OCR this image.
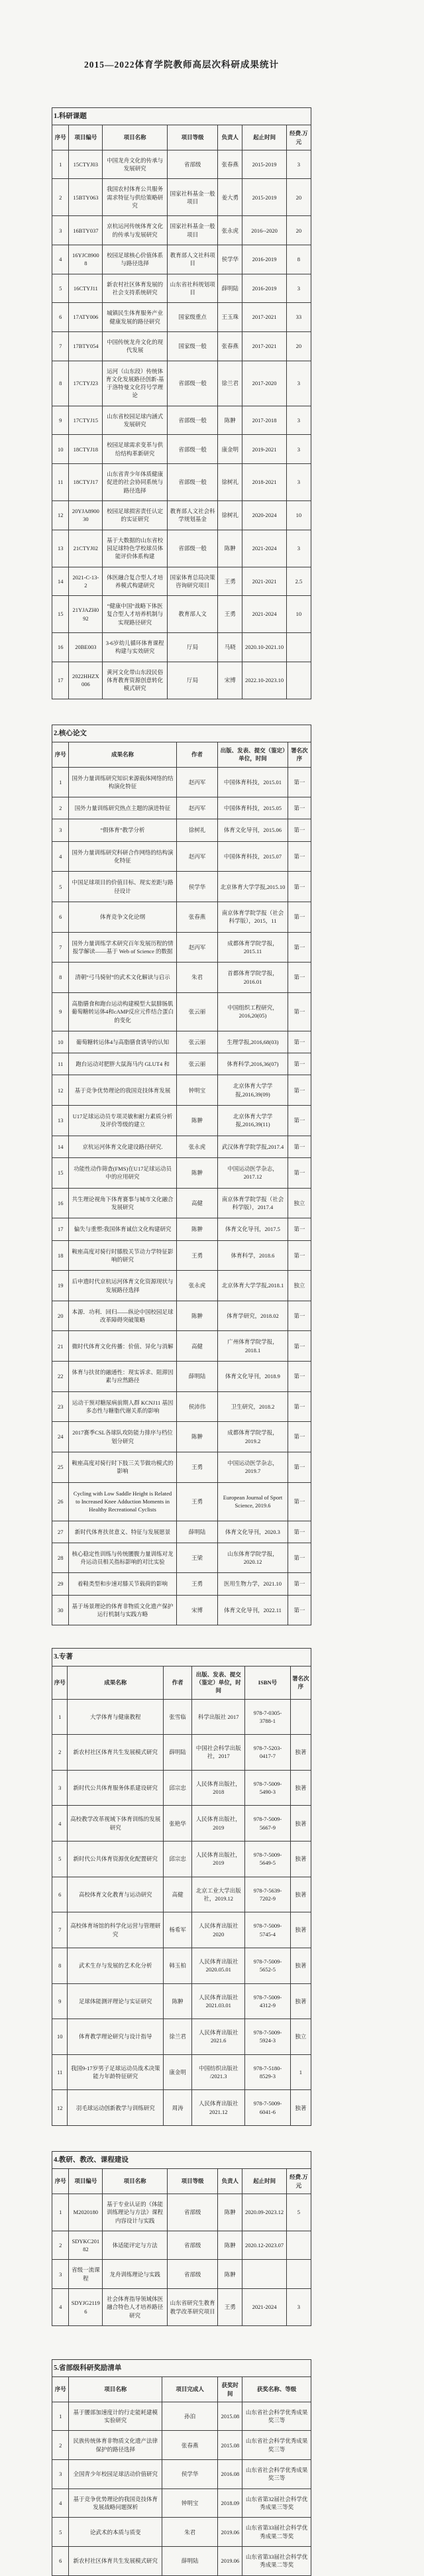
2015—2022体育学院教师高层次科研成果统计
1.科研课题						
序号	项目编号	项目名称	项目等级	负责人	起止时间	经费.万元
1	15CTYJ03	中国龙舟文化的传承与发展研究	省部级	张春燕	2015-2019	3
2	15BTY063	我国农村体育公共服务需求特征与供给策略研究	国家社科基金一般项目	姜大勇	2015-2019	20
3	16BTY037	京杭运河传统体育文化的传承与发展研究	国家社科基金一般项目	张永虎	2016--2020	20
4	16YJC89008	校园足球核心价值体系与路径选择	教育部人文社科项目	侯学华	2016-2019	8
5	16CTYJ11	新农村社区体育发展的社会支持系统研究	山东省社科规划项目	薛明陆	2016-2019	3
6	17ATY006	城镇民生体育服务产业健康发展的路径研究	国家级重点	王玉珠	2017-2021	33
7	17BTY054	中国传统龙舟文化的现代发展	国家级一般	张春燕	2017-2021	20
8	17CTYJ23	运河（山东段）传统体育文化发展路径创新-基于洛特曼文化符号学理论	省部级一般	徐兰君	2017-2020	3
9	17CTYJ15	山东省校园足球内涵式发展研究	省部级一般	陈翀	2017-2018	3
10	18CTYJ18	校园足球需求变革与供给结构革新研究	省部级一般	康金明	2019-2021	3
11	18CTYJ17	山东省青少年体质健康促进的社会协同系统与路径选择	省部级一般	徐树礼	2018-2021	3
12	20YJA890030	校园足球损害责任认定的实证研究	教育部人文社会科学规划基金	徐树礼	2020-2024	10
13	21CTYJ02	基于大数据的山东省校园足球特色学校球员体能评价体系构建	省部级一般	陈翀	2021-2024	3
14	2021-C-13-2	体医融合复合型人才培养模式构建研究	国家体育总局决策咨询研究项目	王勇	2021-2021	2.5
15	21YJAZH092	“健康中国”战略下体医复合型人才培养机制与实现路径研究	教育部人文	王勇	2021-2024	10
16	20BE003	3-6岁幼儿循环体育课程构建与实效研究	厅局	马晓	2020.10-2021.10	
17	2022HHZX006	黄河文化带山东段民俗体育教育资源创意转化模式研究	厅局	宋博	2022.10-2023.10	
2.核心论文				
序号	成果名称	作者	出版、发表、提交（鉴定）单位，时间	署名次序
1	国外力量训练研究知识来源载体网络的结构演化特征	赵丙军	中国体育科技，2015.01	第一
2	国外力量训练研究热点主题的演进特征	赵丙军	中国体育科技，2015.05	第一
3	“假体育”教学分析	徐树礼	体育文化导刊，2015.06	第一
4	国外力量训练研究科研合作网络的结构演化特征	赵丙军	中国体育科技，2015.07	第一
5	中国足球项目的价值目标、现实差距与路径设计	侯学华	北京体育大学学报,2015.10	第一
6	体育竞争文化论纲	张春燕	南京体育学院学报（社会科学版），2015，11	第一
7	国外力量训练学术研究百年发展历程的情报学解读——基于 Web of Science 的数据	赵丙军	成都体育学院学报，2015.11	第一
8	清朝“弓马骑射”的武术文化解读与启示	朱君	首都体育学院学报，2016.01	第一
9	高脂膳食和跑台运动构建模型大鼠腓肠肌葡萄糖转运体4和cAMP反应元件结合蛋白的变化	张云丽	中国组织工程研究，2016,20(05)	第一
10	葡萄糖转运体4与高脂膳食诱导的认知	张云丽	生理学报,2016,68(03)	第一
11	跑台运动对肥胖大鼠海马内 GLUT4 和	张云丽	体育科学,2016,36(07)	第一
12	基于竞争优势理论的我国竞技体育发展	钟明宝	北京体育大学学报,2016,39(09)	第一
13	U17足球运动员专项灵敏和耐力素质分析及评价等级的建立	陈翀	北京体育大学学报,2016,39(11)	第一
14	京杭运河体育文化建设路径研究.	张永虎	武汉体育学院学报,2017.4	第一
15	功能性动作筛查(FMS)在U17足球运动员中的应用研究	陈翀	中国运动医学杂志，2017.12	第一
16	共生理论视角下体育赛事与城市文化融合发展研究	高健	南京体育学院学报（社会科学版），2017.4	独立
17	偏失与重塑:我国体育诚信文化构建研究	陈翀	体育文化导刊，2017.5	第一
18	鞍座高度对骑行时膝股关节动力学特征影响的研究	王勇	体育科学，2018.6	第一
19	后申遗时代京杭运河体育文化资源现状与发展路径选择	张永虎	北京体育大学学报,2018.1	独立
20	本源．功利．回归——纵论中国校园足球改革障碍突破策略	陈翀	体育学研究，2018.02	第一
21	微时代体育文化传播：价值、异化与消解	高健	广州体育学院学报，2018.1	第一
22	体育与扶贫的融通性：现实诉求、阻滞因素与应然路径	薛明陆	体育文化导刊，2018.9	第一
23	运动干预对糖尿病前期人群 KCNJ11 基因多态性与糖脂代谢关系的影响	侯沛伟	卫生研究，2018.2	第一
24	2017赛季CSL各球队攻防能力排序与档位划分研究	陈翀	成都体育学院学报，2019.2	第一
25	鞍座高度对骑行时下肢三关节做功模式的影响	王勇	中国运动医学杂志，2019.7	第一
26	Cycling with Low Saddle Height is Related to Increased Knee Adduction Moments in Healthy Recreational Cyclists	王勇	European Journal of Sport Science, 2019.6	第一
27	新时代体育扶贫意义、特征与发展愿景	薛明陆	体育文化导刊，2020.3	第一
28	核心稳定性训练与传统腰腹力量训练对龙舟运动员相关指标影响的对比实验	王梁	山东体育学院学报，2020.12	第一
29	着鞋类型和步速对膝关节载荷的影响	王勇	医用生物力学，2021.10	第一
30	基于场景理论的体育非物质文化遗产保护运行机制与实践方略	宋博	体育文化导刊，2022.11	第一
3.专著					
序号	成果名称	作者	出版、发表、提交（鉴定）单位，时间	ISBN号	署名次序
1	大学体育与健康教程	张雪临	科学出版社 2017	978-7-0305-3788-1	
2	新农村社区体育共生发展模式研究	薛明陆	中国社会科学出版社，2017	978-7-5203-0417-7	独著
3	新时代公共体育服务体系建设研究	邱宗忠	人民体育出版社，2018	978-7-5009-5490-3	独著
4	高校教学改革视域下体育训练的发展研究	张艳华	人民体育出版社，2019	978-7-5009-5667-9	独著
5	新时代公共体育资源优化配置研究	邱宗忠	人民体育出版社，2019	978-7-5009-5649-5	独著
6	高校体育文化教育与运动研究	高健	北京工业大学出版社，2019.12	978-7-5639-7202-9	独著
7	高校体育场馆的科学化运营与管理研究	杨希军	人民体育出版社 2020	978-7-5009-5745-4	独著
8	武术生存与发展的艺术化分析	韩玉柏	人民体育出版社 2020.05.01	978-7-5009-5652-5	独著
9	足球体能测评理论与实证研究	陈翀	人民体育出版社 2021.03.01	978-7-5009-4312-9	独著
10	体育教学理论研究与设计指导	徐兰君	人民体育出版社 2021.6	978-7-5009-5924-3	独立
11	我国9-17岁男子足球运动员战术决策能力年龄特征研究	康金明	中国纺织出版社 /2021.3	978-7-5180-8529-3	1
12	羽毛球运动创新教学与训练研究	周涛	人民体育出版社 2021.12	978-7-5009-6041-6	独著
4.教研、教改、课程建设						
序号	项目编号	项目名称	项目等级	负责人	起止时间	经费.万元
1	M2020180	基于专业认证的《体能训练理论与方法》课程内容设计与实践	省部级	陈翀	2020.09-2023.12	5
2	SDYKC20182	体适能评定与方法	省部级	陈翀	2020.12-2023.07	
3	省级一流课程	龙舟训练理论与实践	省部级	陈翀		
4	SDYJG21196	社会体育指导领域体医融合特色人才培养路径研究	山东省研究生教育教学改革研究项目	王勇	2021-2024	3
5.省部级科研奖励清单				
序号	项目名称	项目完成人	获奖时间	获奖名称、等级
1	基于腰部加速度计的行走能耗建模实验研究	孙泊	2015.08	山东省社会科学优秀成果奖三等
2	民族传统体育非物质文化遗产法律保护的路径选择	张春燕	2015.08	山东省社会科学优秀成果奖三等
3	全国青少年校园足球活动价值研究	侯学华	2016.08	山东省社会科学优秀成果奖三等
4	基于竞争优势理论的我国竞技体育发展战略问题探析	钟明宝	2018.09	山东省第32届社会科学优秀成果三等奖
5	论武术的本质与质变	朱君	2019.06	山东省第33届社会科学优秀成果二等奖
6	新农村社区体育共生发展模式研究	薛明陆	2019.06	山东省第33届社会科学优秀成果二等奖
